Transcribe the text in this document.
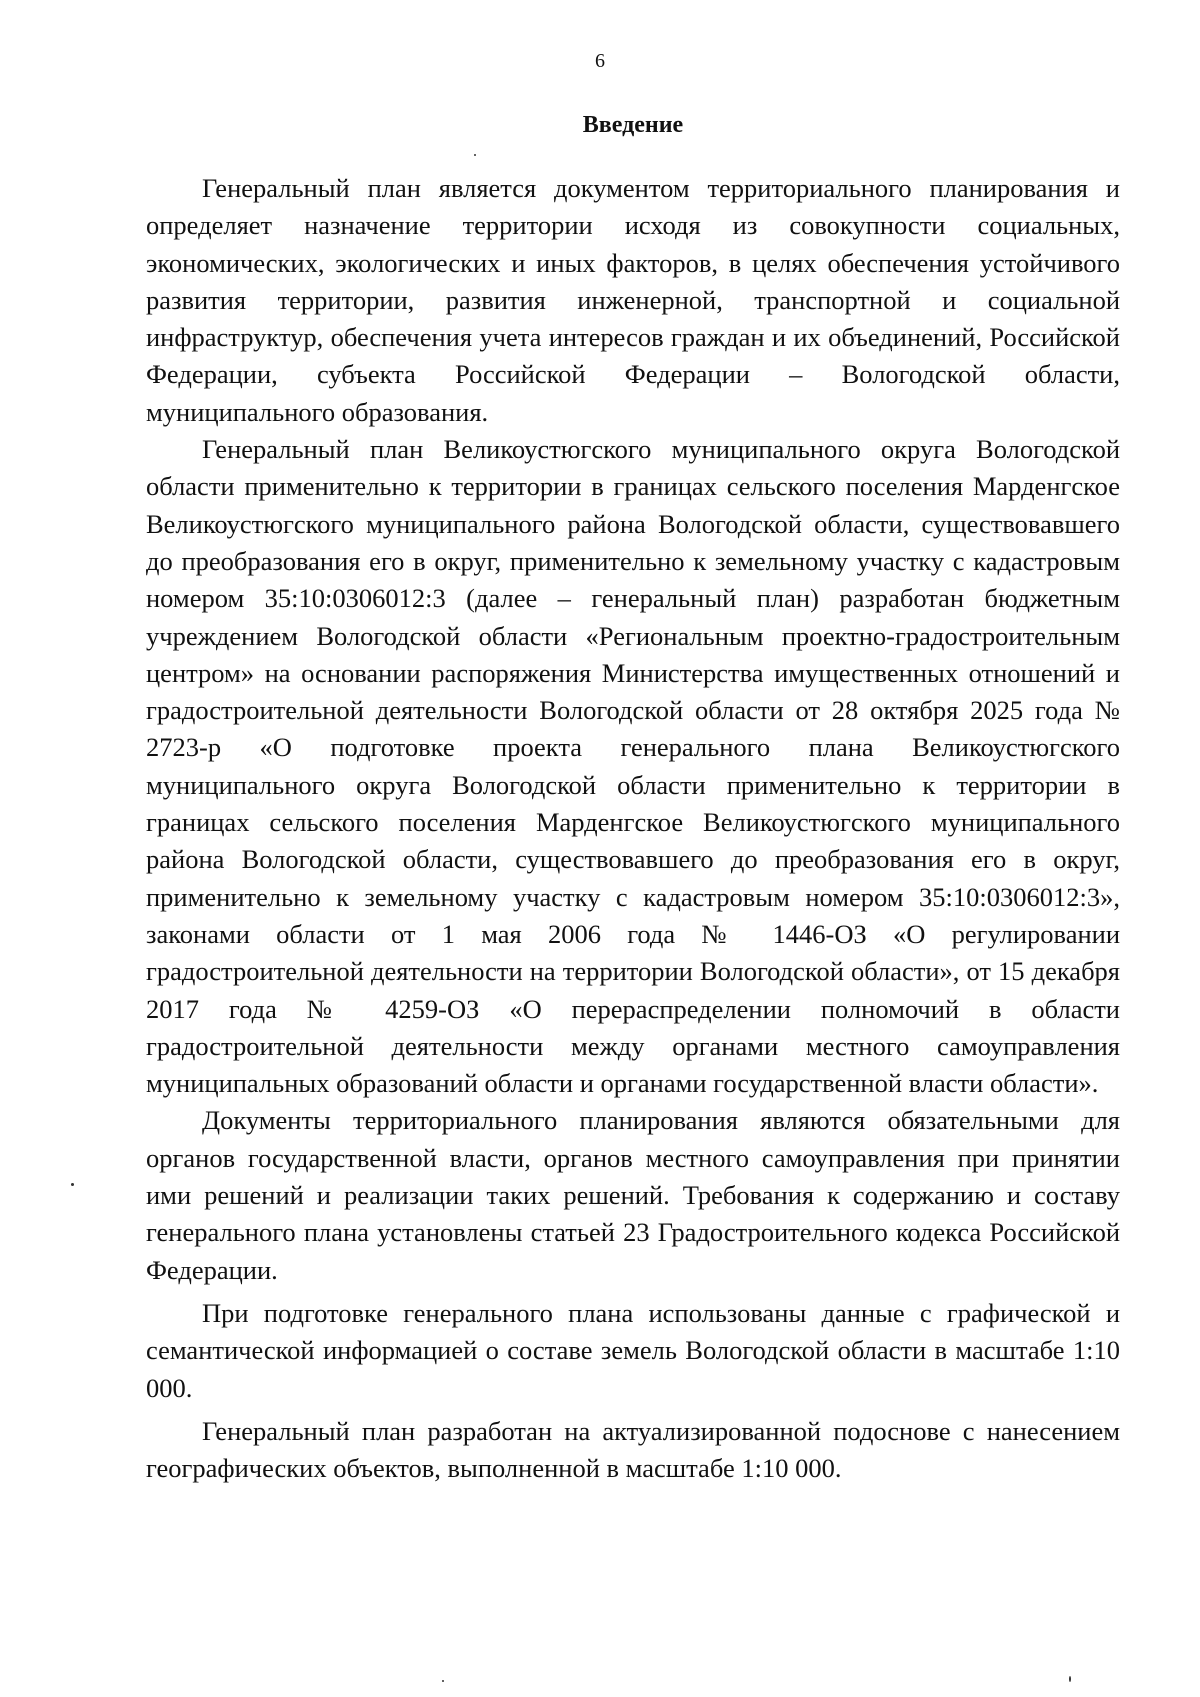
6
Введение

Генеральный план является документом территориального планирования и определяет назначение территории исходя из совокупности социальных, экономических, экологических и иных факторов, в целях обеспечения устойчивого развития территории, развития инженерной, транспортной и социальной инфраструктур, обеспечения учета интересов граждан и их объединений, Российской Федерации, субъекта Российской Федерации – Вологодской области, муниципального образования.

Генеральный план Великоустюгского муниципального округа Вологодской области применительно к территории в границах сельского поселения Марденгское Великоустюгского муниципального района Вологодской области, существовавшего до преобразования его в округ, применительно к земельному участку с кадастровым номером 35:10:0306012:3 (далее – генеральный план) разработан бюджетным учреждением Вологодской области «Региональным проектно-градостроительным центром» на основании распоряжения Министерства имущественных отношений и градостроительной деятельности Вологодской области от 28 октября 2025 года № 2723-р «О подготовке проекта генерального плана Великоустюгского муниципального округа Вологодской области применительно к территории в границах сельского поселения Марденгское Великоустюгского муниципального района Вологодской области, существовавшего до преобразования его в округ, применительно к земельному участку с кадастровым номером 35:10:0306012:3», законами области от 1 мая 2006 года № 1446-ОЗ «О регулировании градостроительной деятельности на территории Вологодской области», от 15 декабря 2017 года № 4259-ОЗ «О перераспределении полномочий в области градостроительной деятельности между органами местного самоуправления муниципальных образований области и органами государственной власти области».

Документы территориального планирования являются обязательными для органов государственной власти, органов местного самоуправления при принятии ими решений и реализации таких решений. Требования к содержанию и составу генерального плана установлены статьей 23 Градостроительного кодекса Российской Федерации.

При подготовке генерального плана использованы данные с графической и семантической информацией о составе земель Вологодской области в масштабе 1:10 000.

Генеральный план разработан на актуализированной подоснове с нанесением географических объектов, выполненной в масштабе 1:10 000.
